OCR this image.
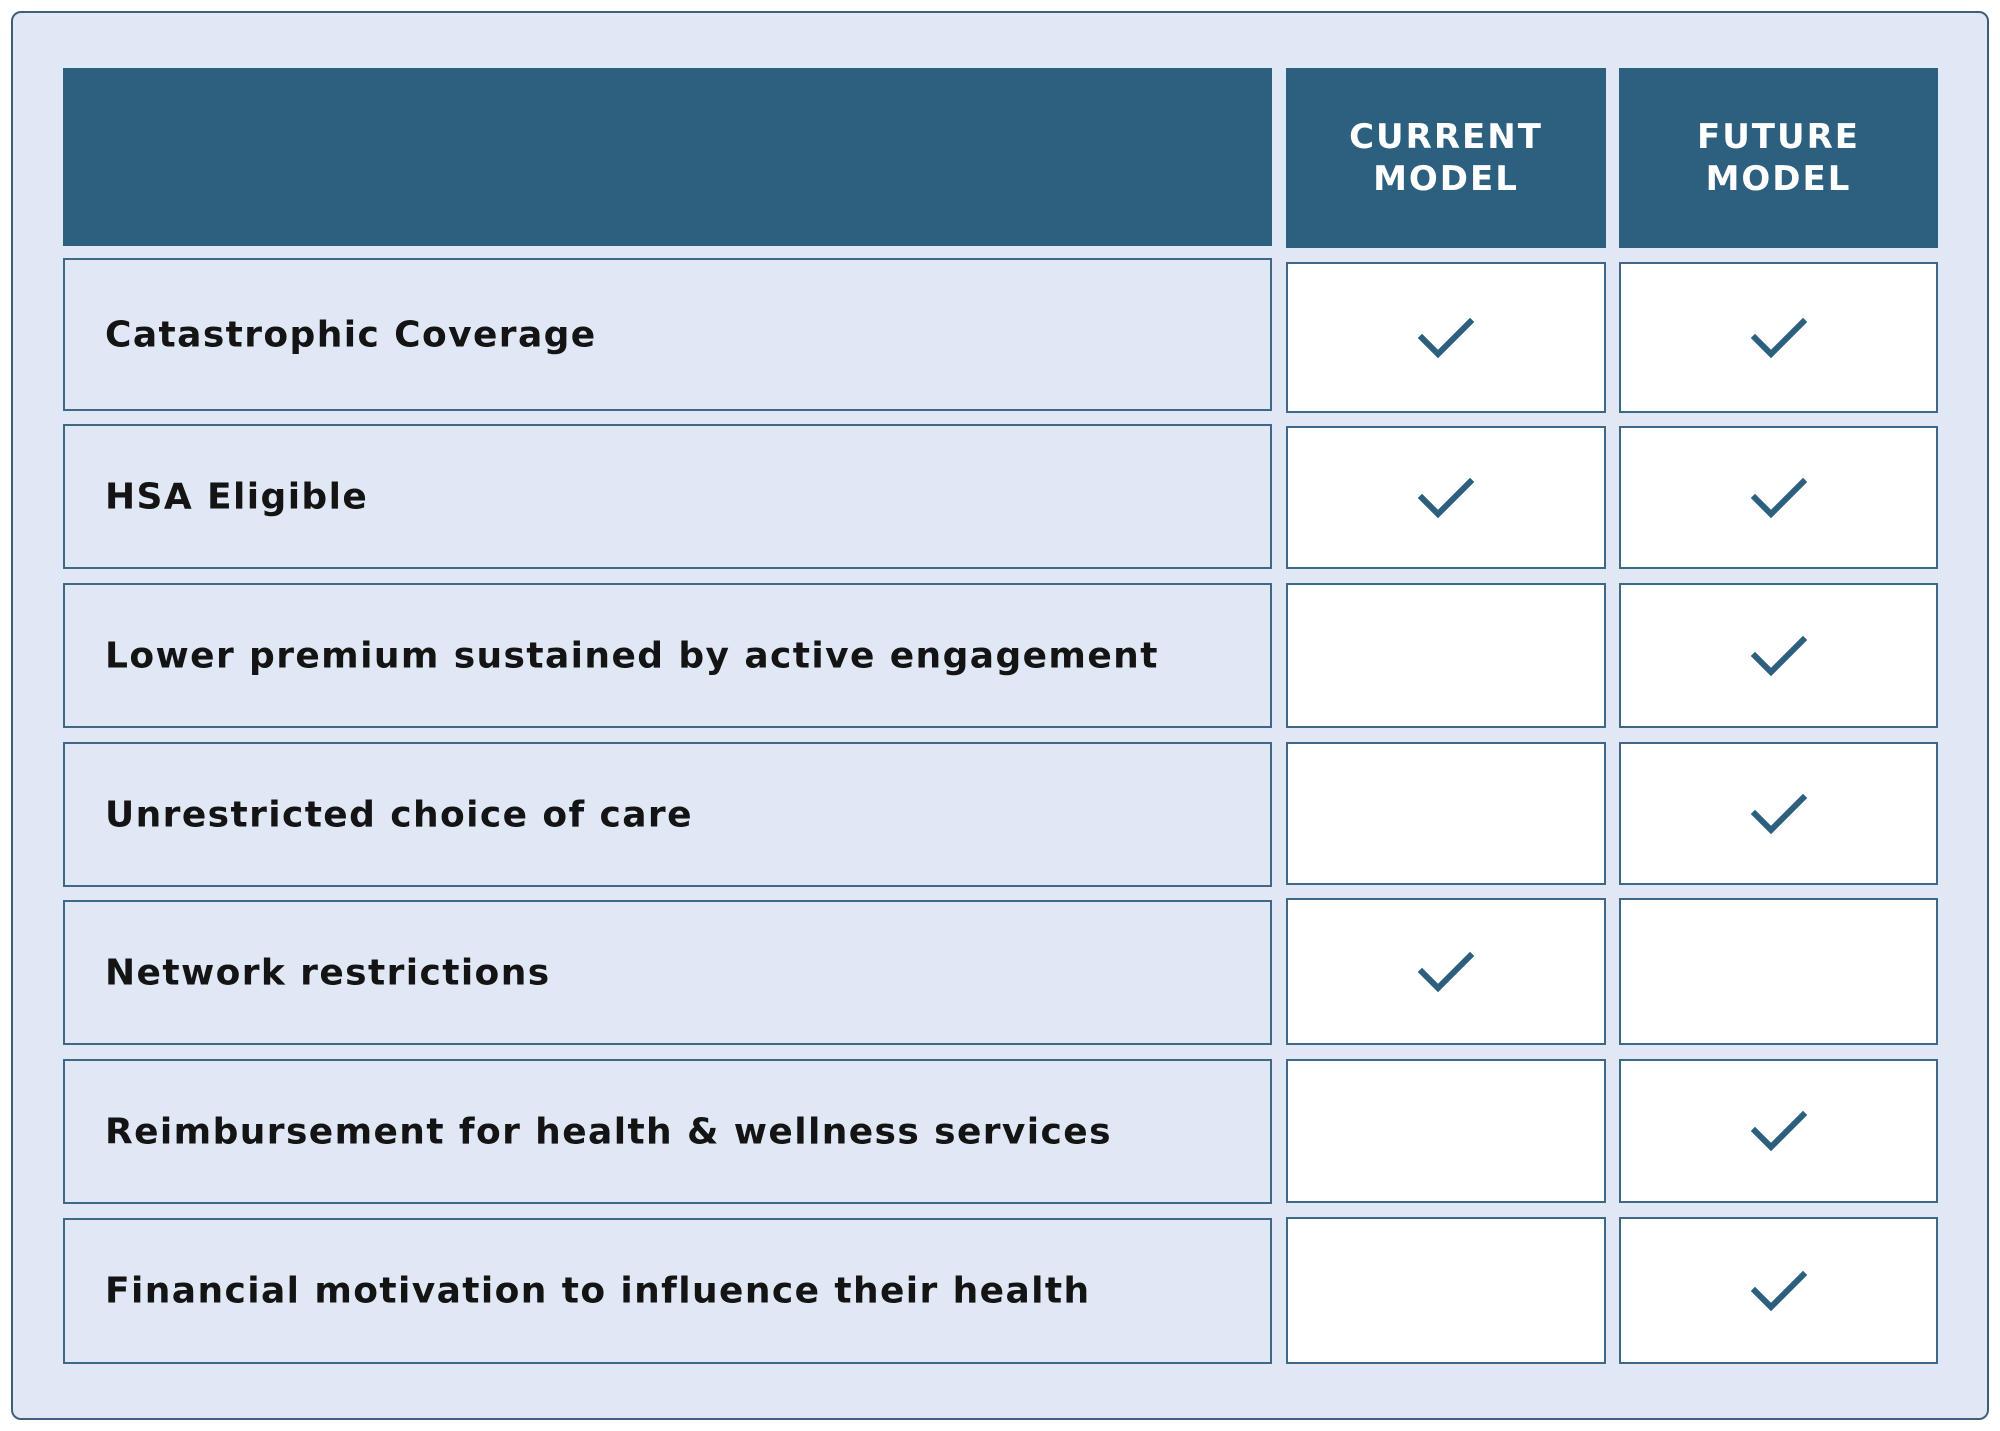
CURRENT
MODEL
FUTURE
MODEL
Catastrophic Coverage
HSA Eligible
Lower premium sustained by active engagement
Unrestricted choice of care
Network restrictions
Reimbursement for health & wellness services
Financial motivation to influence their health
